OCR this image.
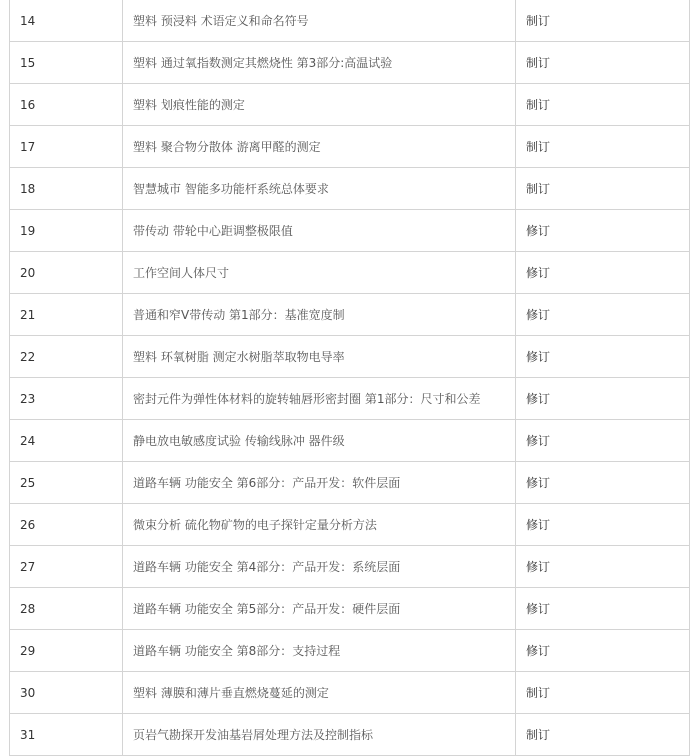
14	塑料 预浸料 术语定义和命名符号	制订
15	塑料 通过氧指数测定其燃烧性 第3部分:高温试验	制订
16	塑料 划痕性能的测定	制订
17	塑料 聚合物分散体 游离甲醛的测定	制订
18	智慧城市 智能多功能杆系统总体要求	制订
19	带传动 带轮中心距调整极限值	修订
20	工作空间人体尺寸	修订
21	普通和窄V带传动 第1部分：基准宽度制	修订
22	塑料 环氧树脂 测定水树脂萃取物电导率	修订
23	密封元件为弹性体材料的旋转轴唇形密封圈 第1部分：尺寸和公差	修订
24	静电放电敏感度试验 传输线脉冲 器件级	修订
25	道路车辆 功能安全 第6部分：产品开发：软件层面	修订
26	微束分析 硫化物矿物的电子探针定量分析方法	修订
27	道路车辆 功能安全 第4部分：产品开发：系统层面	修订
28	道路车辆 功能安全 第5部分：产品开发：硬件层面	修订
29	道路车辆 功能安全 第8部分：支持过程	修订
30	塑料 薄膜和薄片垂直燃烧蔓延的测定	制订
31	页岩气勘探开发油基岩屑处理方法及控制指标	制订
